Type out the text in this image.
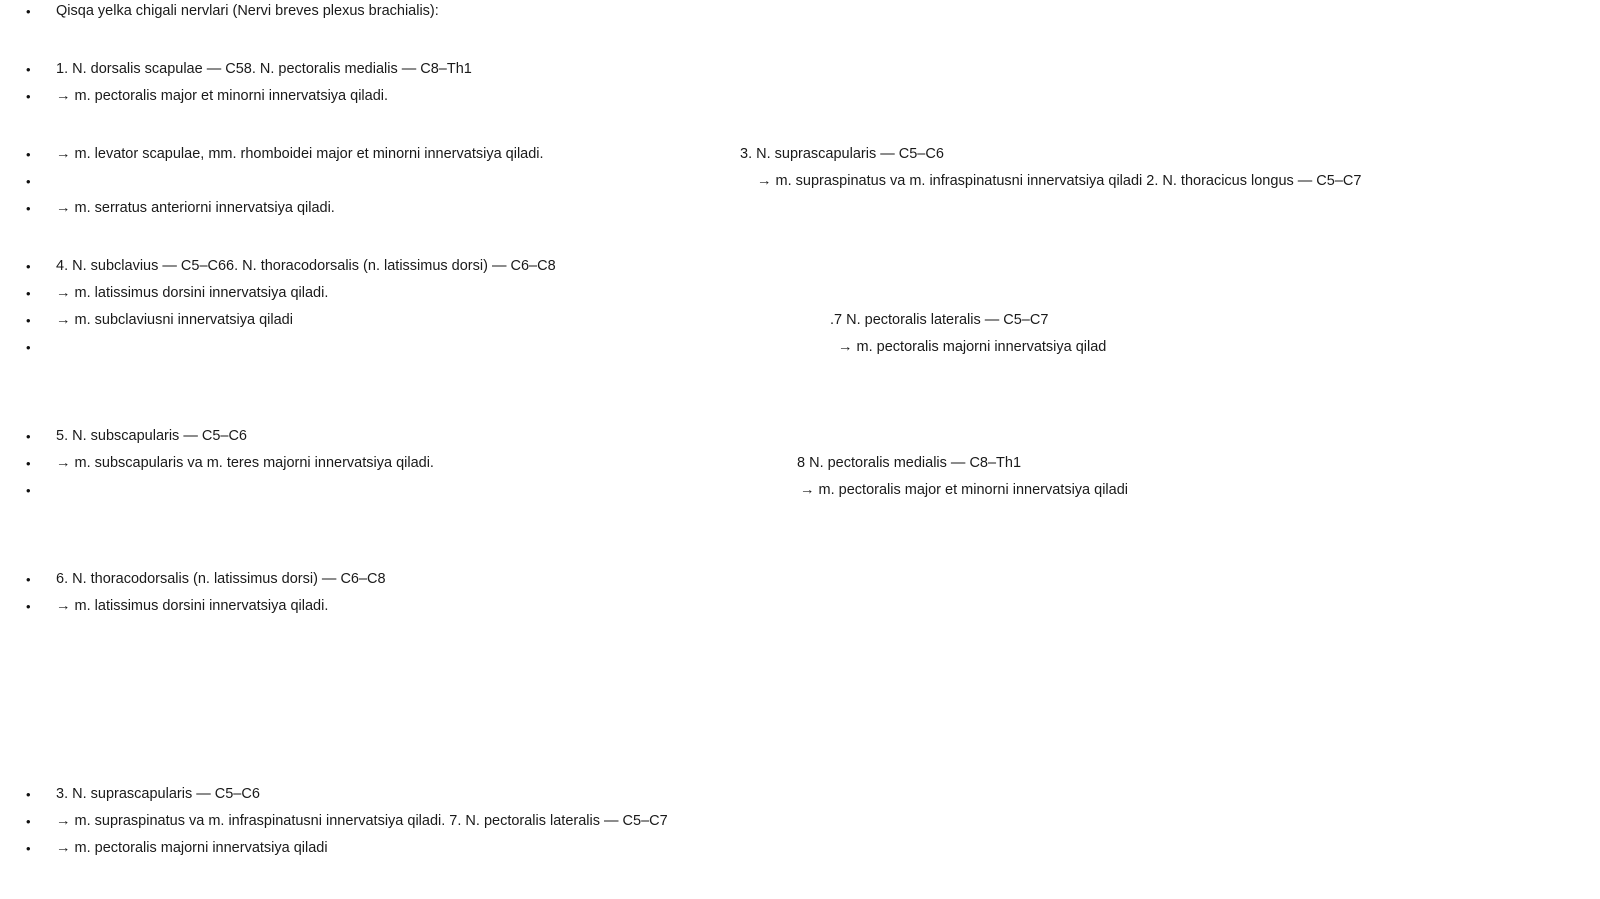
•
•
•
•
•
•
•
•
•
•
•
•
•
•
•
•
•
•
Qisqa yelka chigali nervlari (Nervi breves plexus brachialis):
1. N. dorsalis scapulae — C58. N. pectoralis medialis — C8–Th1
→ m. pectoralis major et minorni innervatsiya qiladi.
→ m. levator scapulae, mm. rhomboidei major et minorni innervatsiya qiladi.
→ m. serratus anteriorni innervatsiya qiladi.
4. N. subclavius — C5–C66. N. thoracodorsalis (n. latissimus dorsi) — C6–C8
→ m. latissimus dorsini innervatsiya qiladi.
→ m. subclaviusni innervatsiya qiladi
5. N. subscapularis — C5–C6
→ m. subscapularis va m. teres majorni innervatsiya qiladi.
6. N. thoracodorsalis (n. latissimus dorsi) — C6–C8
→ m. latissimus dorsini innervatsiya qiladi.
3. N. suprascapularis — C5–C6
→ m. supraspinatus va m. infraspinatusni innervatsiya qiladi. 7. N. pectoralis lateralis — C5–C7
→ m. pectoralis majorni innervatsiya qiladi
3. N. suprascapularis — C5–C6
→ m. supraspinatus va m. infraspinatusni innervatsiya qiladi 2. N. thoracicus longus — C5–C7
.7 N. pectoralis lateralis — C5–C7
→ m. pectoralis majorni innervatsiya qilad
8 N. pectoralis medialis — C8–Th1
→ m. pectoralis major et minorni innervatsiya qiladi
